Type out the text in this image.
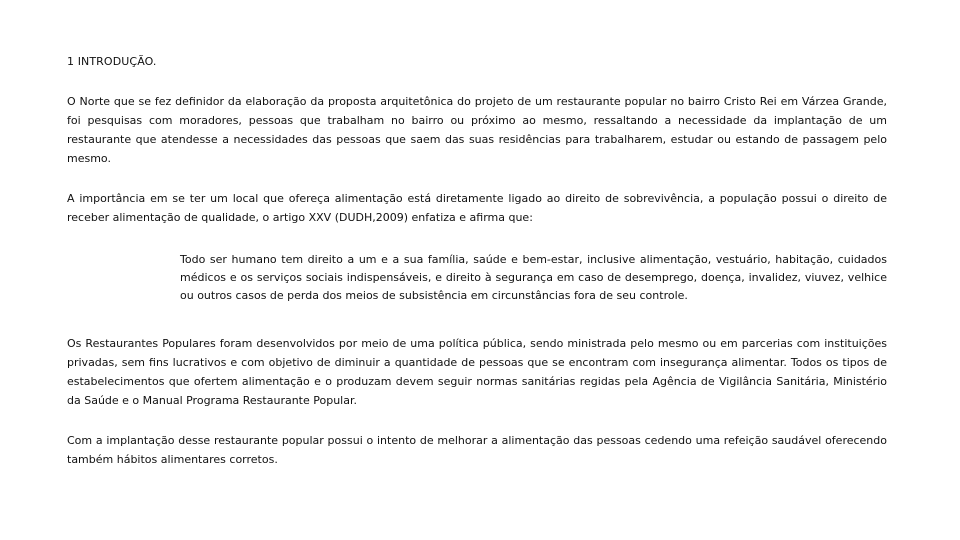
1 INTRODUÇÃO.

O Norte que se fez definidor da elaboração da proposta arquitetônica do projeto de um restaurante popular no bairro Cristo Rei em Várzea Grande, foi pesquisas com moradores, pessoas que trabalham no bairro ou próximo ao mesmo, ressaltando a necessidade da implantação de um restaurante que atendesse a necessidades das pessoas que saem das suas residências para trabalharem, estudar ou estando de passagem pelo mesmo.

A importância em se ter um local que ofereça alimentação está diretamente ligado ao direito de sobrevivência, a população possui o direito de receber alimentação de qualidade, o artigo XXV (DUDH,2009) enfatiza e afirma que:

Todo ser humano tem direito a um e a sua família, saúde e bem-estar, inclusive alimentação, vestuário, habitação, cuidados médicos e os serviços sociais indispensáveis, e direito à segurança em caso de desemprego, doença, invalidez, viuvez, velhice ou outros casos de perda dos meios de subsistência em circunstâncias fora de seu controle.

Os Restaurantes Populares foram desenvolvidos por meio de uma política pública, sendo ministrada pelo mesmo ou em parcerias com instituições privadas, sem fins lucrativos e com objetivo de diminuir a quantidade de pessoas que se encontram com insegurança alimentar. Todos os tipos de estabelecimentos que ofertem alimentação e o produzam devem seguir normas sanitárias regidas pela Agência de Vigilância Sanitária, Ministério da Saúde e o Manual Programa Restaurante Popular.

Com a implantação desse restaurante popular possui o intento de melhorar a alimentação das pessoas cedendo uma refeição saudável oferecendo também hábitos alimentares corretos.
